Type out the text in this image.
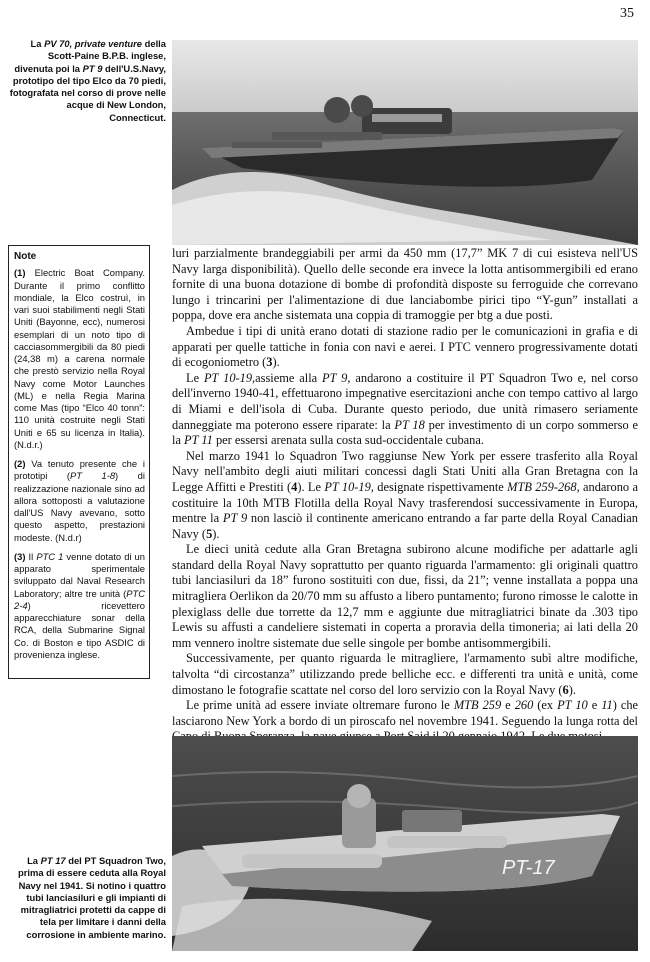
35
La PV 70, private venture della Scott-Paine B.P.B. inglese, divenuta poi la PT 9 dell'U.S.Navy, prototipo del tipo Elco da 70 piedi, fotografata nel corso di prove nelle acque di New London, Connecticut.
Note
(1) Electric Boat Company. Durante il primo conflitto mondiale, la Elco costruì, in vari suoi stabilimenti negli Stati Uniti (Bayonne, ecc), numerosi esemplari di un noto tipo di cacciasommergibili da 80 piedi (24,38 m) a carena normale che prestò servizio nella Royal Navy come Motor Launches (ML) e nella Regia Marina come Mas (tipo “Elco 40 tonn”: 110 unità costruite negli Stati Uniti e 65 su licenza in Italia). (N.d.r.)
(2) Va tenuto presente che i prototipi (PT 1-8) di realizzazione nazionale sino ad allora sottoposti a valutazione dall'US Navy avevano, sotto questo aspetto, prestazioni modeste. (N.d.r)
(3) Il PTC 1 venne dotato di un apparato sperimentale sviluppato dal Naval Research Laboratory; altre tre unità (PTC 2-4) ricevettero apparecchiature sonar della RCA, della Submarine Signal Co. di Boston e tipo ASDIC di provenienza inglese.

luri parzialmente brandeggiabili per armi da 450 mm (17,7” MK 7 di cui esisteva nell'US Navy larga disponibilità). Quello delle seconde era invece la lotta antisommergibili ed erano fornite di una buona dotazione di bombe di profondità disposte su ferroguide che correvano lungo i trincarini per l'alimentazione di due lanciabombe pirici tipo “Y-gun” installati a poppa, dove era anche sistemata una coppia di tramoggie per btg a due posti.

Ambedue i tipi di unità erano dotati di stazione radio per le comunicazioni in grafia e di apparati per quelle tattiche in fonia con navi e aerei. I PTC vennero progressivamente dotati di ecogoniometro (3).

Le PT 10-19,assieme alla PT 9, andarono a costituire il PT Squadron Two e, nel corso dell'inverno 1940-41, effettuarono impegnative esercitazioni anche con tempo cattivo al largo di Miami e dell'isola di Cuba. Durante questo periodo, due unità rimasero seriamente danneggiate ma poterono essere riparate: la PT 18 per investimento di un corpo sommerso e la PT 11 per essersi arenata sulla costa sud-occidentale cubana.

Nel marzo 1941 lo Squadron Two raggiunse New York per essere trasferito alla Royal Navy nell'ambito degli aiuti militari concessi dagli Stati Uniti alla Gran Bretagna con la Legge Affitti e Prestiti (4). Le PT 10-19, designate rispettivamente MTB 259-268, andarono a costituire la 10th MTB Flotilla della Royal Navy trasferendosi successivamente in Europa, mentre la PT 9 non lasciò il continente americano entrando a far parte della Royal Canadian Navy (5).

Le dieci unità cedute alla Gran Bretagna subirono alcune modifiche per adattarle agli standard della Royal Navy soprattutto per quanto riguarda l'armamento: gli originali quattro tubi lanciasiluri da 18” furono sostituiti con due, fissi, da 21”; venne installata a poppa una mitragliera Oerlikon da 20/70 mm su affusto a libero puntamento; furono rimosse le calotte in plexiglass delle due torrette da 12,7 mm e aggiunte due mitragliatrici binate da .303 tipo Lewis su affusti a candeliere sistemati in coperta a proravia della timoneria; ai lati della 20 mm vennero inoltre sistemate due selle singole per bombe antisommergibili.

Successivamente, per quanto riguarda le mitragliere, l'armamento subì altre modifiche, talvolta “di circostanza” utilizzando prede belliche ecc. e differenti tra unità e unità, come dimostano le fotografie scattate nel corso del loro servizio con la Royal Navy (6).

Le prime unità ad essere inviate oltremare furono le MTB 259 e 260 (ex PT 10 e 11) che lasciarono New York a bordo di un piroscafo nel novembre 1941. Seguendo la lunga rotta del

PT-17
La PT 17 del PT Squadron Two, prima di essere ceduta alla Royal Navy nel 1941. Si notino i quattro tubi lanciasiluri e gli impianti di mitragliatrici protetti da cappe di tela per limitare i danni della corrosione in ambiente marino.
